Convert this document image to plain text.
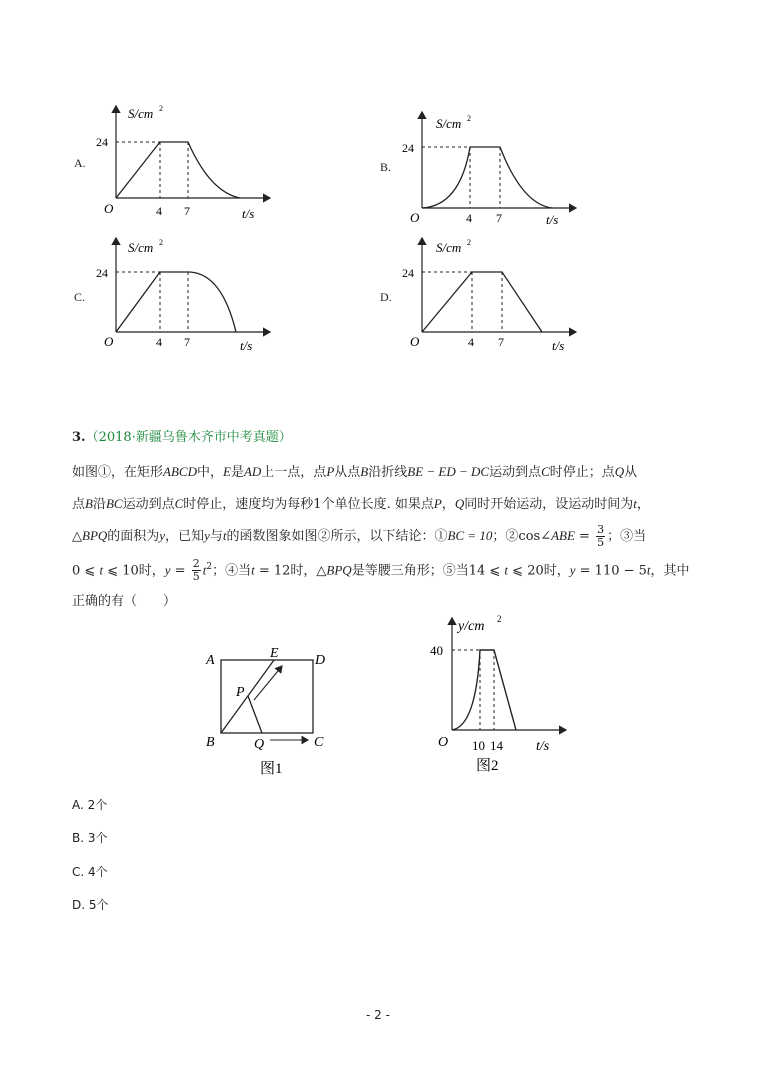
A.	B.
C.	D.
S/cm 2
24
O	4 7	t/s
S/cm 2
24
O	4 7	t/s
S/cm 2
24
O	4 7	t/s
S/cm 2
24
O	4 7	t/s
3.（2018·新疆乌鲁木齐市中考真题）
如图①，在矩形ABCD中，E是AD上一点，点P从点B沿折线BE − ED − DC运动到点C时停止；点Q从
点B沿BC运动到点C时停止，速度均为每秒1个单位长度. 如果点P，Q同时开始运动，设运动时间为t，
△BPQ的面积为y，已知y与t的函数图象如图②所示，以下结论：①BC = 10；②cos∠ABE = $\frac{3}{5}$ ；③当
0 ⩽ t ⩽ 10时，$y = \frac{2}{5} t^2$；④当t = 12时，△BPQ是等腰三角形；⑤当14 ⩽ t ⩽ 20时，y = 110 − 5t，其中
正确的有（　　）
A	E	D
P
B	Q	C
图1
y/cm 2
40
O 10 14 t/s
图2
A. 2个
B. 3个
C. 4个
D. 5个
- 2 -
